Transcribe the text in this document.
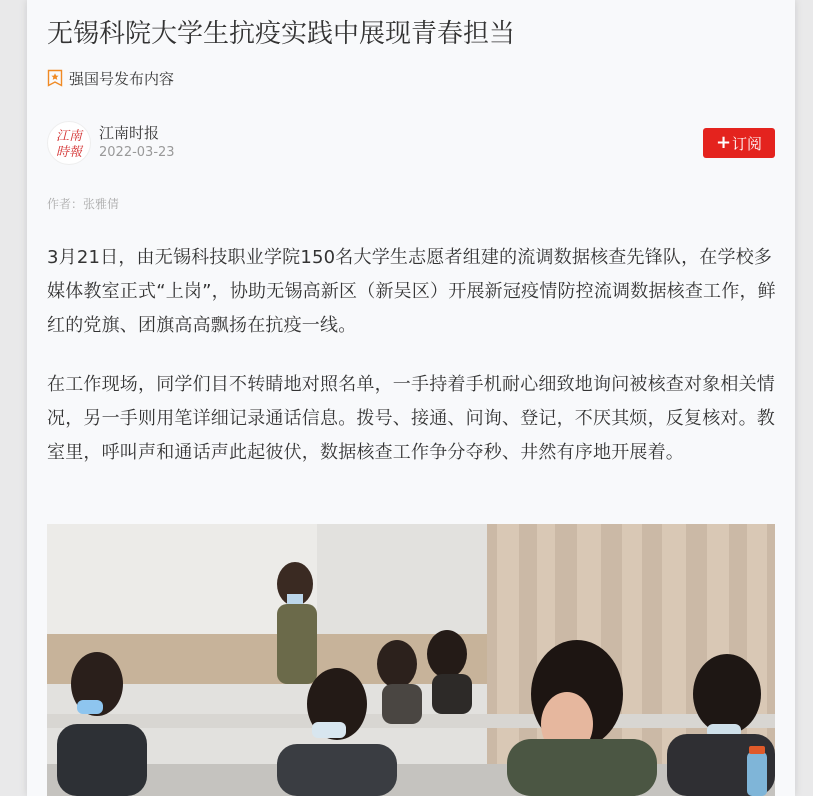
无锡科院大学生抗疫实践中展现青春担当
强国号发布内容
江南
時報
江南时报
2022-03-23	+ 订阅
作者：张雅倩

3月21日，由无锡科技职业学院150名大学生志愿者组建的流调数据核查先锋队，在学校多媒体教室正式“上岗”，协助无锡高新区（新吴区）开展新冠疫情防控流调数据核查工作，鲜红的党旗、团旗高高飘扬在抗疫一线。

在工作现场，同学们目不转睛地对照名单，一手持着手机耐心细致地询问被核查对象相关情况，另一手则用笔详细记录通话信息。拨号、接通、问询、登记，不厌其烦，反复核对。教室里，呼叫声和通话声此起彼伏，数据核查工作争分夺秒、井然有序地开展着。
